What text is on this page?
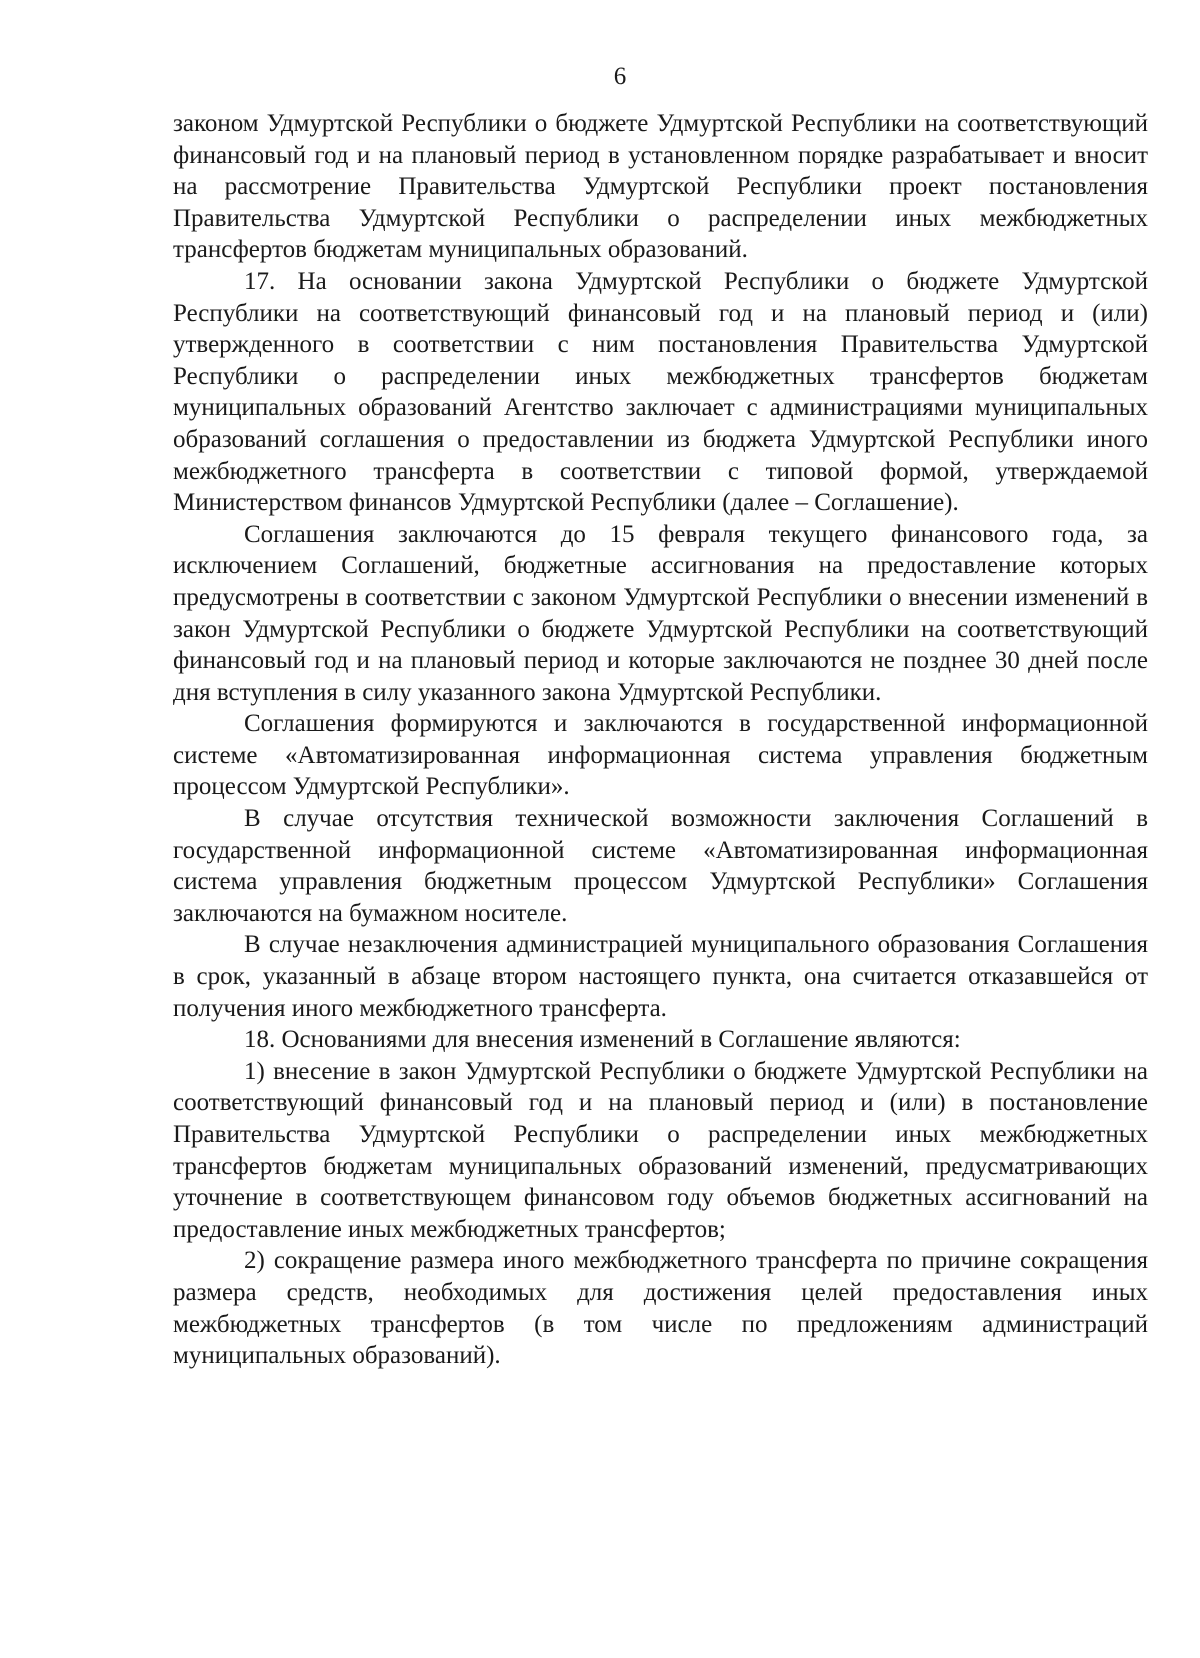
6

законом Удмуртской Республики о бюджете Удмуртской Республики на соответствующий финансовый год и на плановый период в установленном порядке разрабатывает и вносит на рассмотрение Правительства Удмуртской Республики проект постановления Правительства Удмуртской Республики о распределении иных межбюджетных трансфертов бюджетам муниципальных образований.

17. На основании закона Удмуртской Республики о бюджете Удмуртской Республики на соответствующий финансовый год и на плановый период и (или) утвержденного в соответствии с ним постановления Правительства Удмуртской Республики о распределении иных межбюджетных трансфертов бюджетам муниципальных образований Агентство заключает с администрациями муниципальных образований соглашения о предоставлении из бюджета Удмуртской Республики иного межбюджетного трансферта в соответствии с типовой формой, утверждаемой Министерством финансов Удмуртской Республики (далее – Соглашение).

Соглашения заключаются до 15 февраля текущего финансового года, за исключением Соглашений, бюджетные ассигнования на предоставление которых предусмотрены в соответствии с законом Удмуртской Республики о внесении изменений в закон Удмуртской Республики о бюджете Удмуртской Республики на соответствующий финансовый год и на плановый период и которые заключаются не позднее 30 дней после дня вступления в силу указанного закона Удмуртской Республики.

Соглашения формируются и заключаются в государственной информационной системе «Автоматизированная информационная система управления бюджетным процессом Удмуртской Республики».

В случае отсутствия технической возможности заключения Соглашений в государственной информационной системе «Автоматизированная информационная система управления бюджетным процессом Удмуртской Республики» Соглашения заключаются на бумажном носителе.

В случае незаключения администрацией муниципального образования Соглашения в срок, указанный в абзаце втором настоящего пункта, она считается отказавшейся от получения иного межбюджетного трансферта.

18. Основаниями для внесения изменений в Соглашение являются:

1) внесение в закон Удмуртской Республики о бюджете Удмуртской Республики на соответствующий финансовый год и на плановый период и (или) в постановление Правительства Удмуртской Республики о распределении иных межбюджетных трансфертов бюджетам муниципальных образований изменений, предусматривающих уточнение в соответствующем финансовом году объемов бюджетных ассигнований на предоставление иных межбюджетных трансфертов;

2) сокращение размера иного межбюджетного трансферта по причине сокращения размера средств, необходимых для достижения целей предоставления иных межбюджетных трансфертов (в том числе по предложениям администраций муниципальных образований).
